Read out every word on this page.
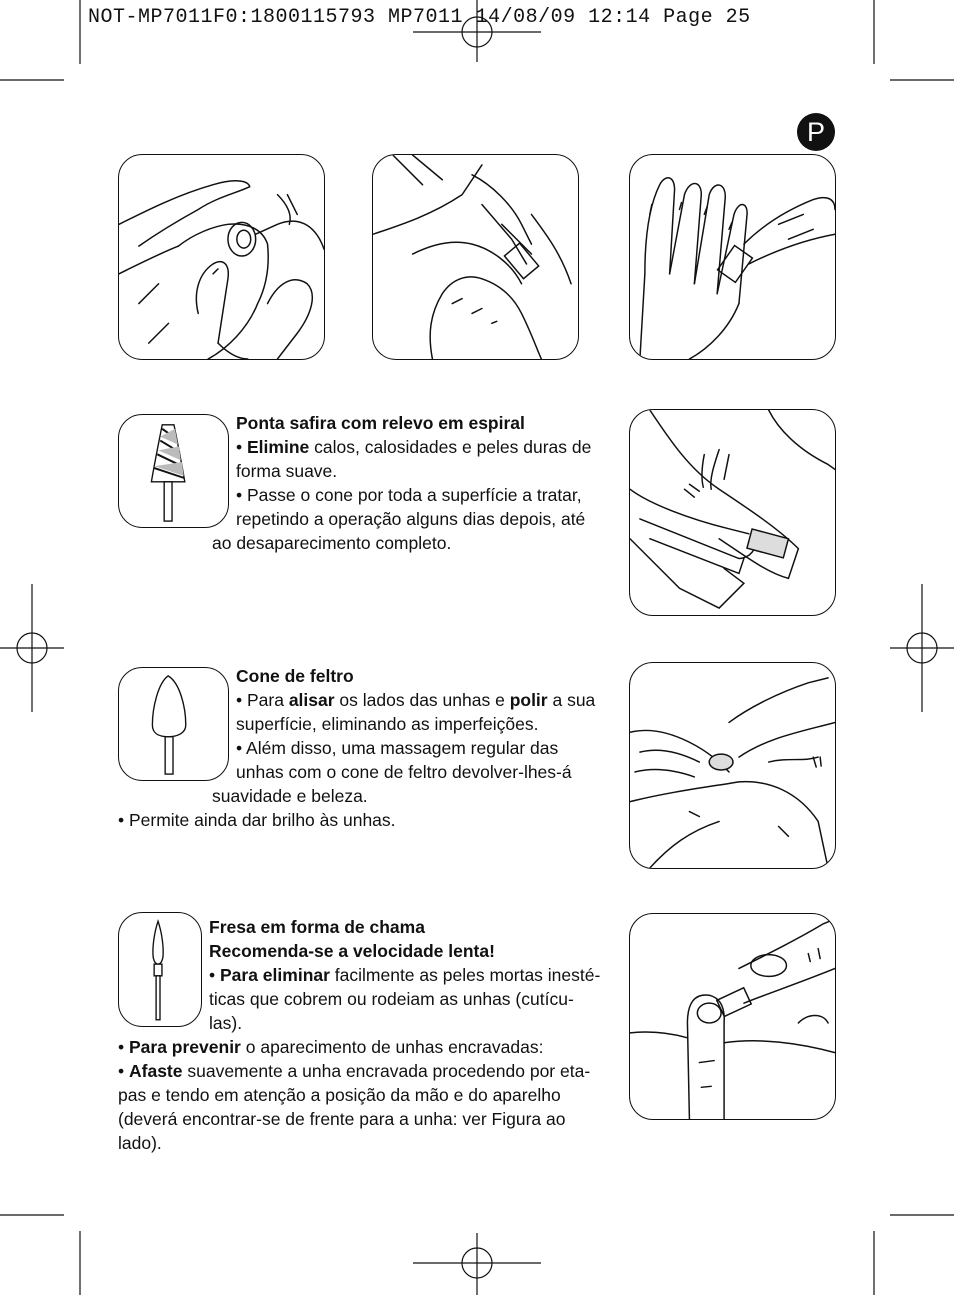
NOT-MP7011F0:1800115793 MP7011 14/08/09 12:14 Page 25
P
Ponta safira com relevo em espiral
• Elimine calos, calosidades e peles duras de
forma suave.
• Passe o cone por toda a superfície a tratar,
repetindo a operação alguns dias depois, até
ao desaparecimento completo.
Cone de feltro
• Para alisar os lados das unhas e polir a sua
superfície, eliminando as imperfeições.
• Além disso, uma massagem regular das
unhas com o cone de feltro devolver-lhes-á
suavidade e beleza.
• Permite ainda dar brilho às unhas.
Fresa em forma de chama
Recomenda-se a velocidade lenta!
• Para eliminar facilmente as peles mortas inesté-
ticas que cobrem ou rodeiam as unhas (cutícu-
las).
• Para prevenir o aparecimento de unhas encravadas:
• Afaste suavemente a unha encravada procedendo por eta-
pas e tendo em atenção a posição da mão e do aparelho
(deverá encontrar-se de frente para a unha: ver Figura ao
lado).
